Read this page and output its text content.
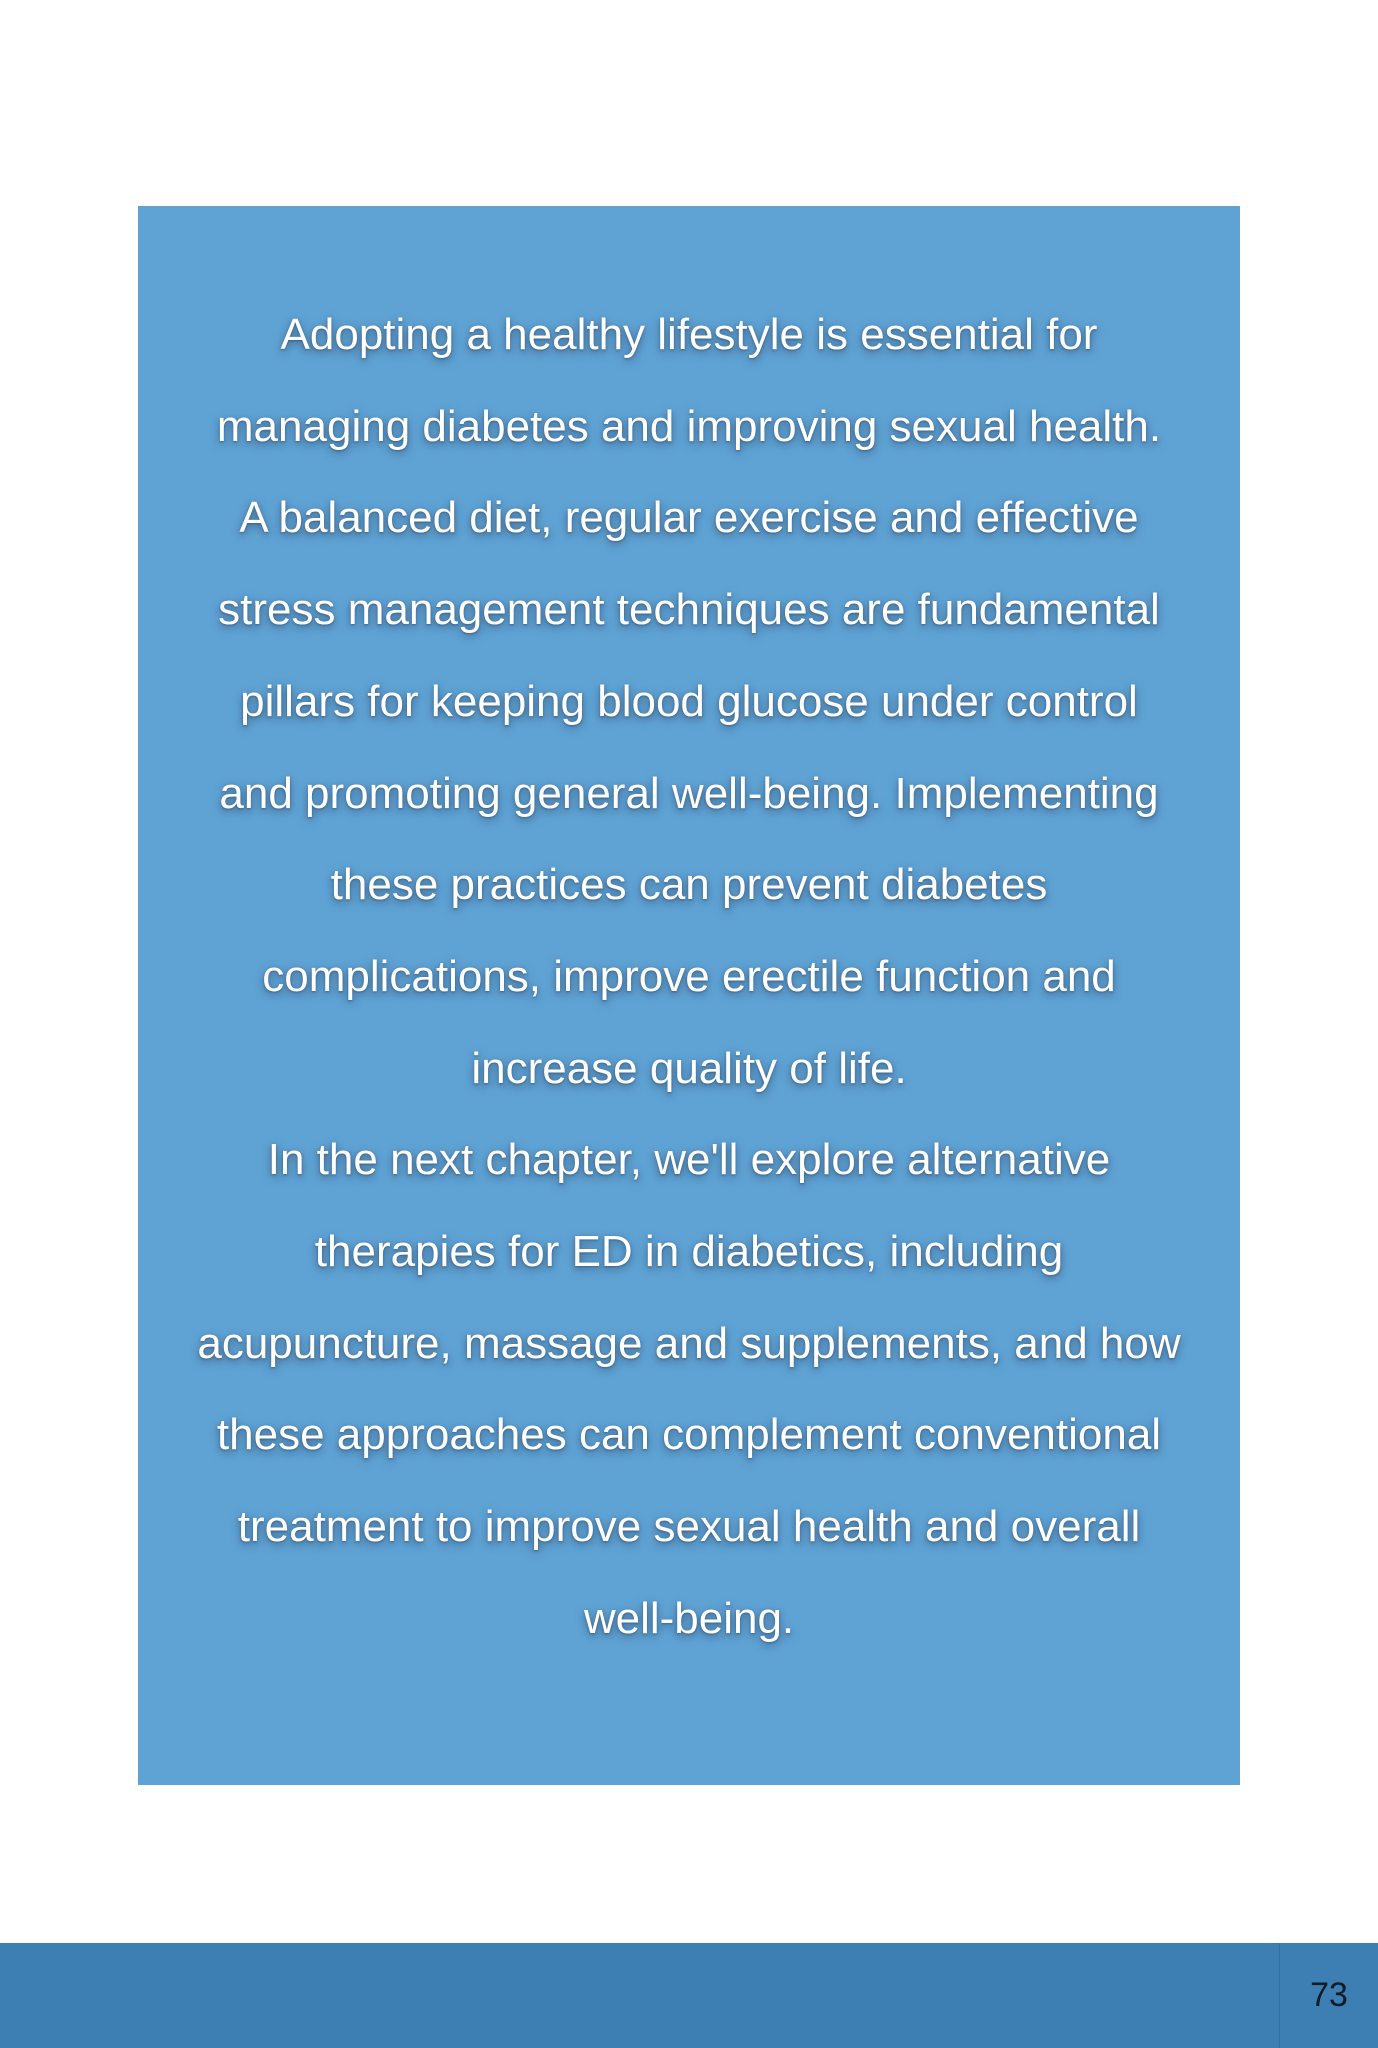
Adopting a healthy lifestyle is essential for
managing diabetes and improving sexual health.
A balanced diet, regular exercise and effective
stress management techniques are fundamental
pillars for keeping blood glucose under control
and promoting general well-being. Implementing
these practices can prevent diabetes
complications, improve erectile function and
increase quality of life.

In the next chapter, we'll explore alternative
therapies for ED in diabetics, including
acupuncture, massage and supplements, and how
these approaches can complement conventional
treatment to improve sexual health and overall
well-being.

73
